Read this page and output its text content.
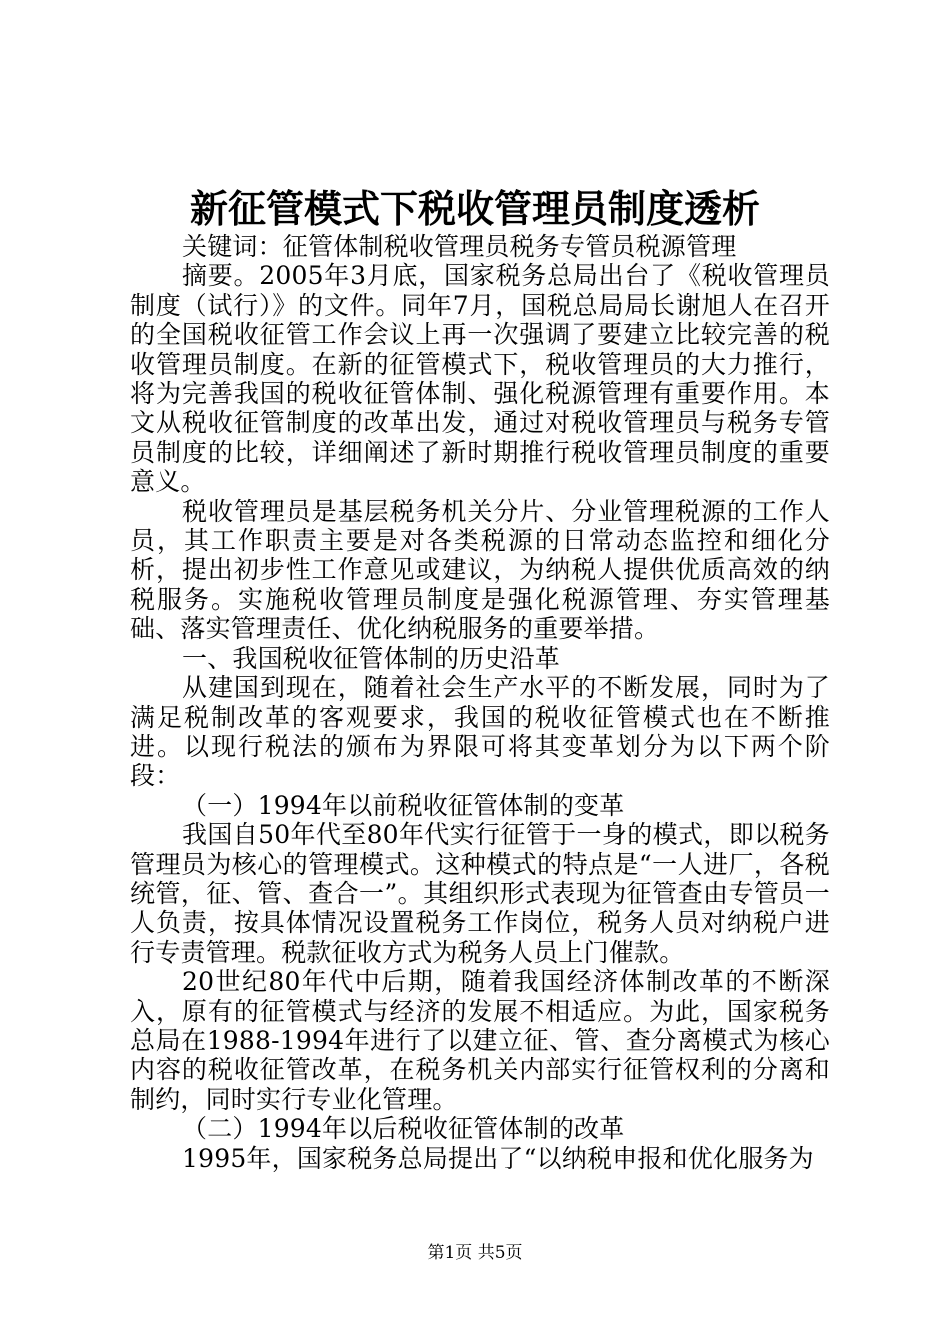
新征管模式下税收管理员制度透析

关键词：征管体制税收管理员税务专管员税源管理

摘要。2005年3月底，国家税务总局出台了《税收管理员制度（试行）》的文件。同年7月，国税总局局长谢旭人在召开的全国税收征管工作会议上再一次强调了要建立比较完善的税收管理员制度。在新的征管模式下，税收管理员的大力推行，将为完善我国的税收征管体制、强化税源管理有重要作用。本文从税收征管制度的改革出发，通过对税收管理员与税务专管员制度的比较，详细阐述了新时期推行税收管理员制度的重要意义。

税收管理员是基层税务机关分片、分业管理税源的工作人员，其工作职责主要是对各类税源的日常动态监控和细化分析，提出初步性工作意见或建议，为纳税人提供优质高效的纳税服务。实施税收管理员制度是强化税源管理、夯实管理基础、落实管理责任、优化纳税服务的重要举措。

一、我国税收征管体制的历史沿革

从建国到现在，随着社会生产水平的不断发展，同时为了满足税制改革的客观要求，我国的税收征管模式也在不断推进。以现行税法的颁布为界限可将其变革划分为以下两个阶段：

（一）1994年以前税收征管体制的变革

我国自50年代至80年代实行征管于一身的模式，即以税务管理员为核心的管理模式。这种模式的特点是“一人进厂，各税统管，征、管、查合一”。其组织形式表现为征管查由专管员一人负责，按具体情况设置税务工作岗位，税务人员对纳税户进行专责管理。税款征收方式为税务人员上门催款。

20世纪80年代中后期，随着我国经济体制改革的不断深入，原有的征管模式与经济的发展不相适应。为此，国家税务总局在1988-1994年进行了以建立征、管、查分离模式为核心内容的税收征管改革，在税务机关内部实行征管权利的分离和制约，同时实行专业化管理。

（二）1994年以后税收征管体制的改革

1995年，国家税务总局提出了“以纳税申报和优化服务为

第1页 共5页
